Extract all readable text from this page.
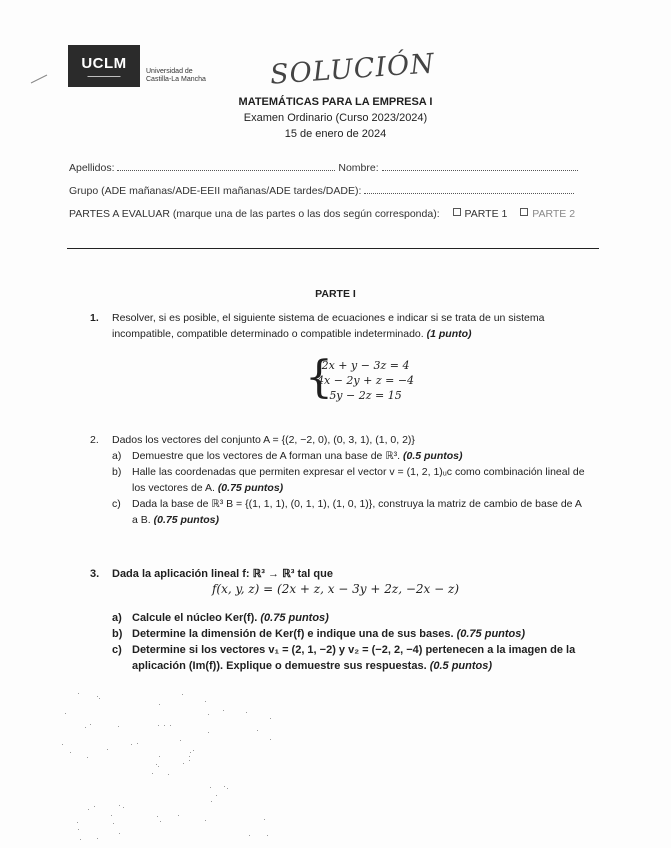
UCLM
▬▬▬▬▬▬▬▬▬▬▬
Universidad de
Castilla-La Mancha SOLUCIÓN
MATEMÁTICAS PARA LA EMPRESA I
Examen Ordinario (Curso 2023/2024)
15 de enero de 2024
Apellidos:	Nombre:
Grupo (ADE mañanas/ADE-EEII mañanas/ADE tardes/DADE):
PARTES A EVALUAR (marque una de las partes o las dos según corresponda): PARTE 1 PARTE 2
PARTE I
1.	Resolver, si es posible, el siguiente sistema de ecuaciones e indicar si se trata de un sistema incompatible, compatible determinado o compatible indeterminado. (1 punto)
{
2x + y − 3z = 4
4x − 2y + z = −4
5y − 2z = 15
2.	Dados los vectores del conjunto A = {(2, −2, 0), (0, 3, 1), (1, 0, 2)}
a) Demuestre que los vectores de A forman una base de ℝ³. (0.5 puntos)
b) Halle las coordenadas que permiten expresar el vector v = (1, 2, 1)ᵤc como combinación lineal de los vectores de A. (0.75 puntos)
c) Dada la base de ℝ³ B = {(1, 1, 1), (0, 1, 1), (1, 0, 1)}, construya la matriz de cambio de base de A a B. (0.75 puntos)
3.	Dada la aplicación lineal f: ℝ³ → ℝ³ tal que
f(x, y, z) = (2x + z, x − 3y + 2z, −2x − z)
a) Calcule el núcleo Ker(f). (0.75 puntos)
b) Determine la dimensión de Ker(f) e indique una de sus bases. (0.75 puntos)
c) Determine si los vectores v₁ = (2, 1, −2) y v₂ = (−2, 2, −4) pertenecen a la imagen de la aplicación (Im(f)). Explique o demuestre sus respuestas. (0.5 puntos)
